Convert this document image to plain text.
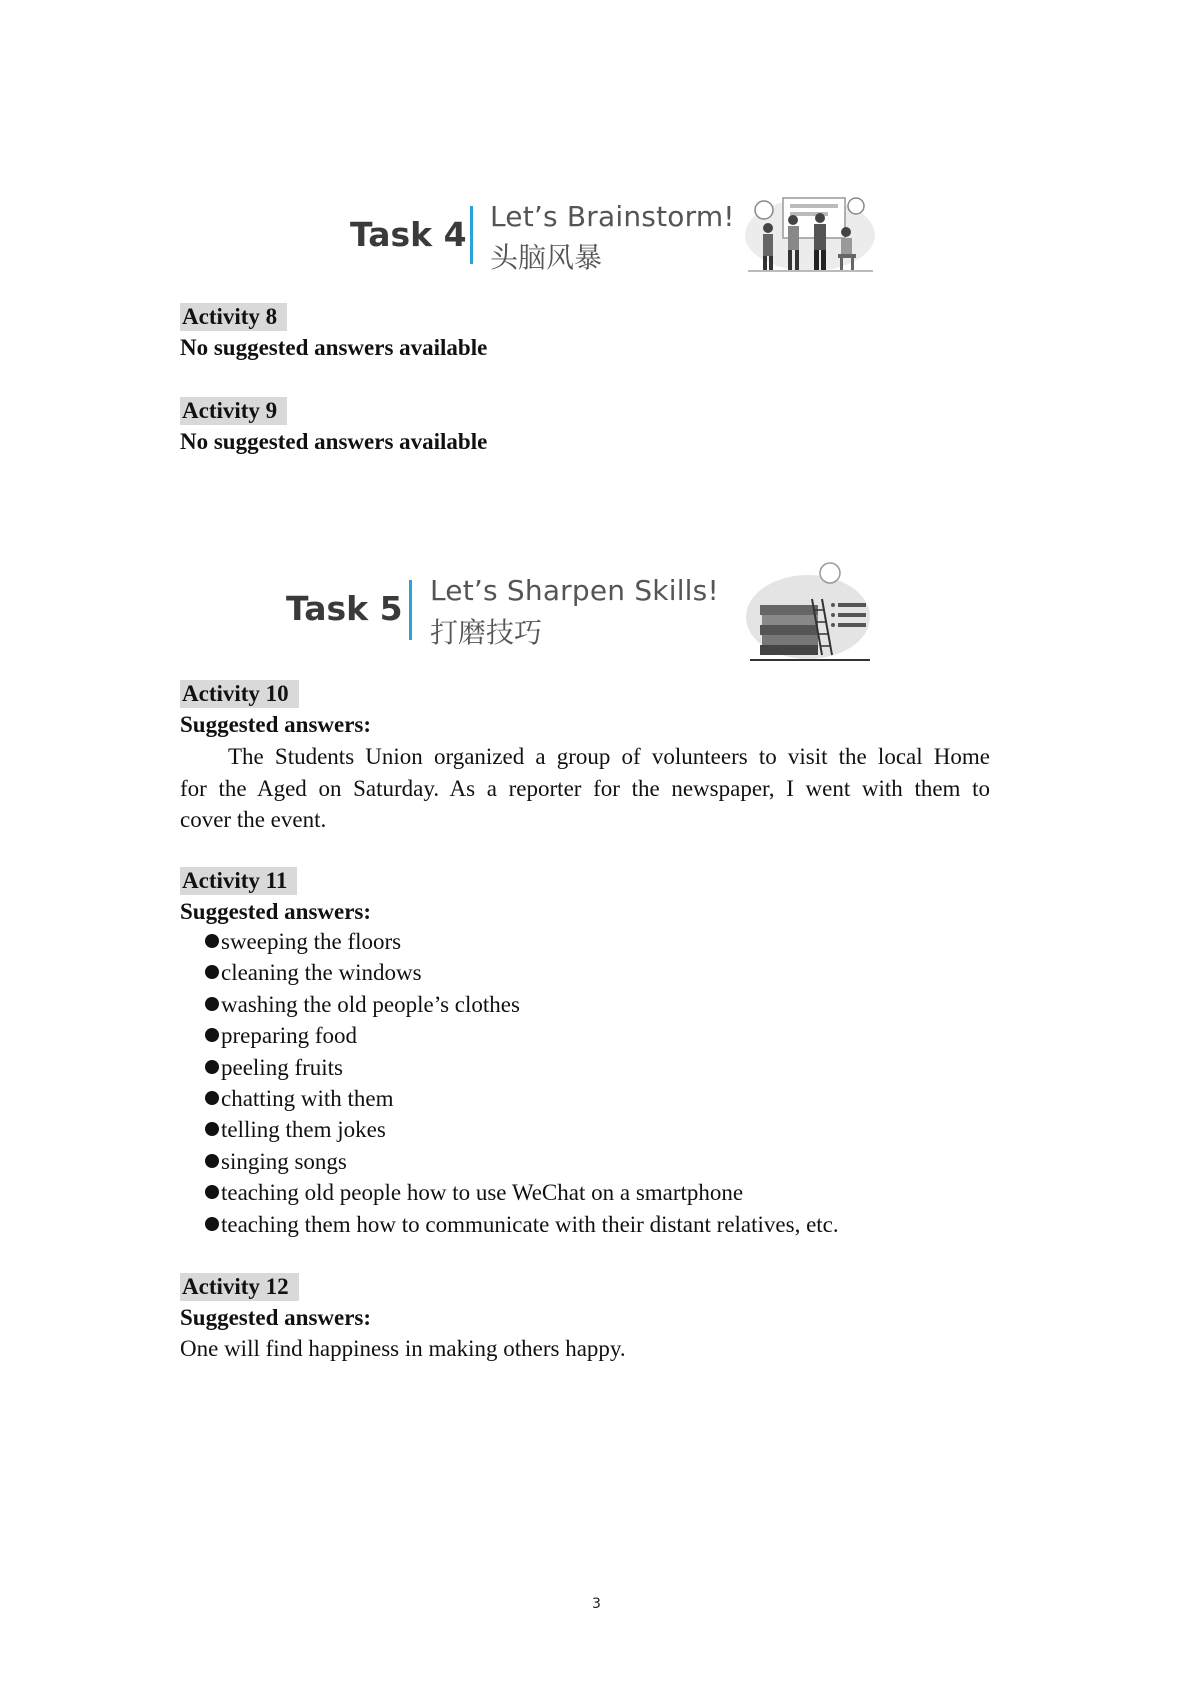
Task 4 Let’s Brainstorm!
头脑风暴
Activity 8
No suggested answers available
Activity 9
No suggested answers available
Task 5 Let’s Sharpen Skills!
打磨技巧
Activity 10
Suggested answers:
The Students Union organized a group of volunteers to visit the local Home
for the Aged on Saturday. As a reporter for the newspaper, I went with them to
cover the event.
Activity 11
Suggested answers:
sweeping the floors
cleaning the windows
washing the old people’s clothes
preparing food
peeling fruits
chatting with them
telling them jokes
singing songs
teaching old people how to use WeChat on a smartphone
teaching them how to communicate with their distant relatives, etc.
Activity 12
Suggested answers:
One will find happiness in making others happy.
3
